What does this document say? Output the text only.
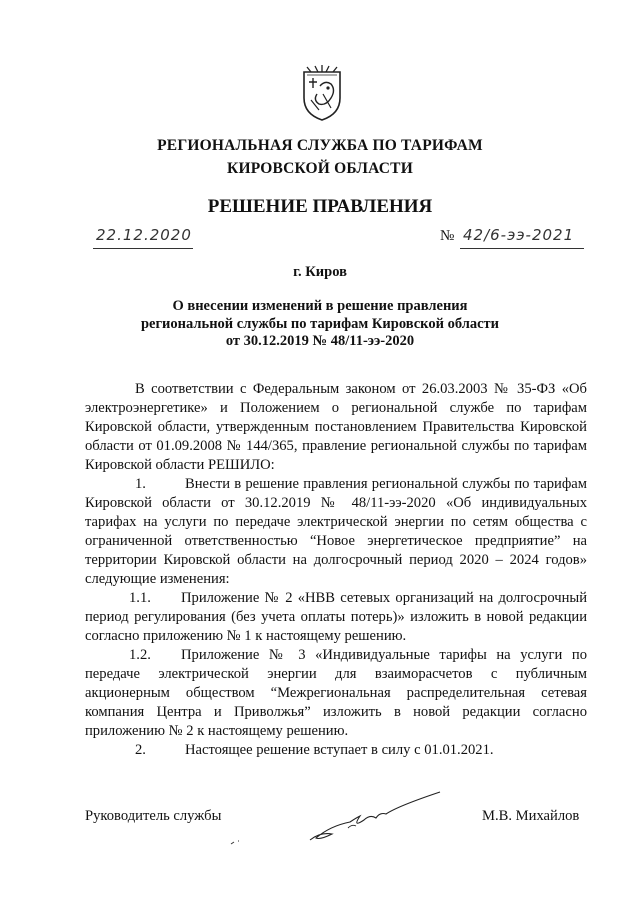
РЕГИОНАЛЬНАЯ СЛУЖБА ПО ТАРИФАМ
КИРОВСКОЙ ОБЛАСТИ
РЕШЕНИЕ ПРАВЛЕНИЯ
22.12.2020	№ 42/6-ээ-2021
г. Киров
О внесении изменений в решение правления
региональной службы по тарифам Кировской области
от 30.12.2019 № 48/11-ээ-2020

В соответствии с Федеральным законом от 26.03.2003 № 35-ФЗ «Об электроэнергетике» и Положением о региональной службе по тарифам Кировской области, утвержденным постановлением Правительства Кировской области от 01.09.2008 № 144/365, правление региональной службы по тарифам Кировской области РЕШИЛО:

1.	Внести в решение правления региональной службы по тарифам Кировской области от 30.12.2019 № 48/11-ээ-2020 «Об индивидуальных тарифах на услуги по передаче электрической энергии по сетям общества с ограниченной ответственностью “Новое энергетическое предприятие” на территории Кировской области на долгосрочный период 2020 – 2024 годов» следующие изменения:

1.1. Приложение № 2 «НВВ сетевых организаций на долгосрочный период регулирования (без учета оплаты потерь)» изложить в новой редакции согласно приложению № 1 к настоящему решению.

1.2. Приложение № 3 «Индивидуальные тарифы на услуги по передаче электрической энергии для взаиморасчетов с публичным акционерным обществом “Межрегиональная распределительная сетевая компания Центра и Приволжья” изложить в новой редакции согласно приложению № 2 к настоящему решению.

2.	Настоящее решение вступает в силу с 01.01.2021.

Руководитель службы	М.В. Михайлов
